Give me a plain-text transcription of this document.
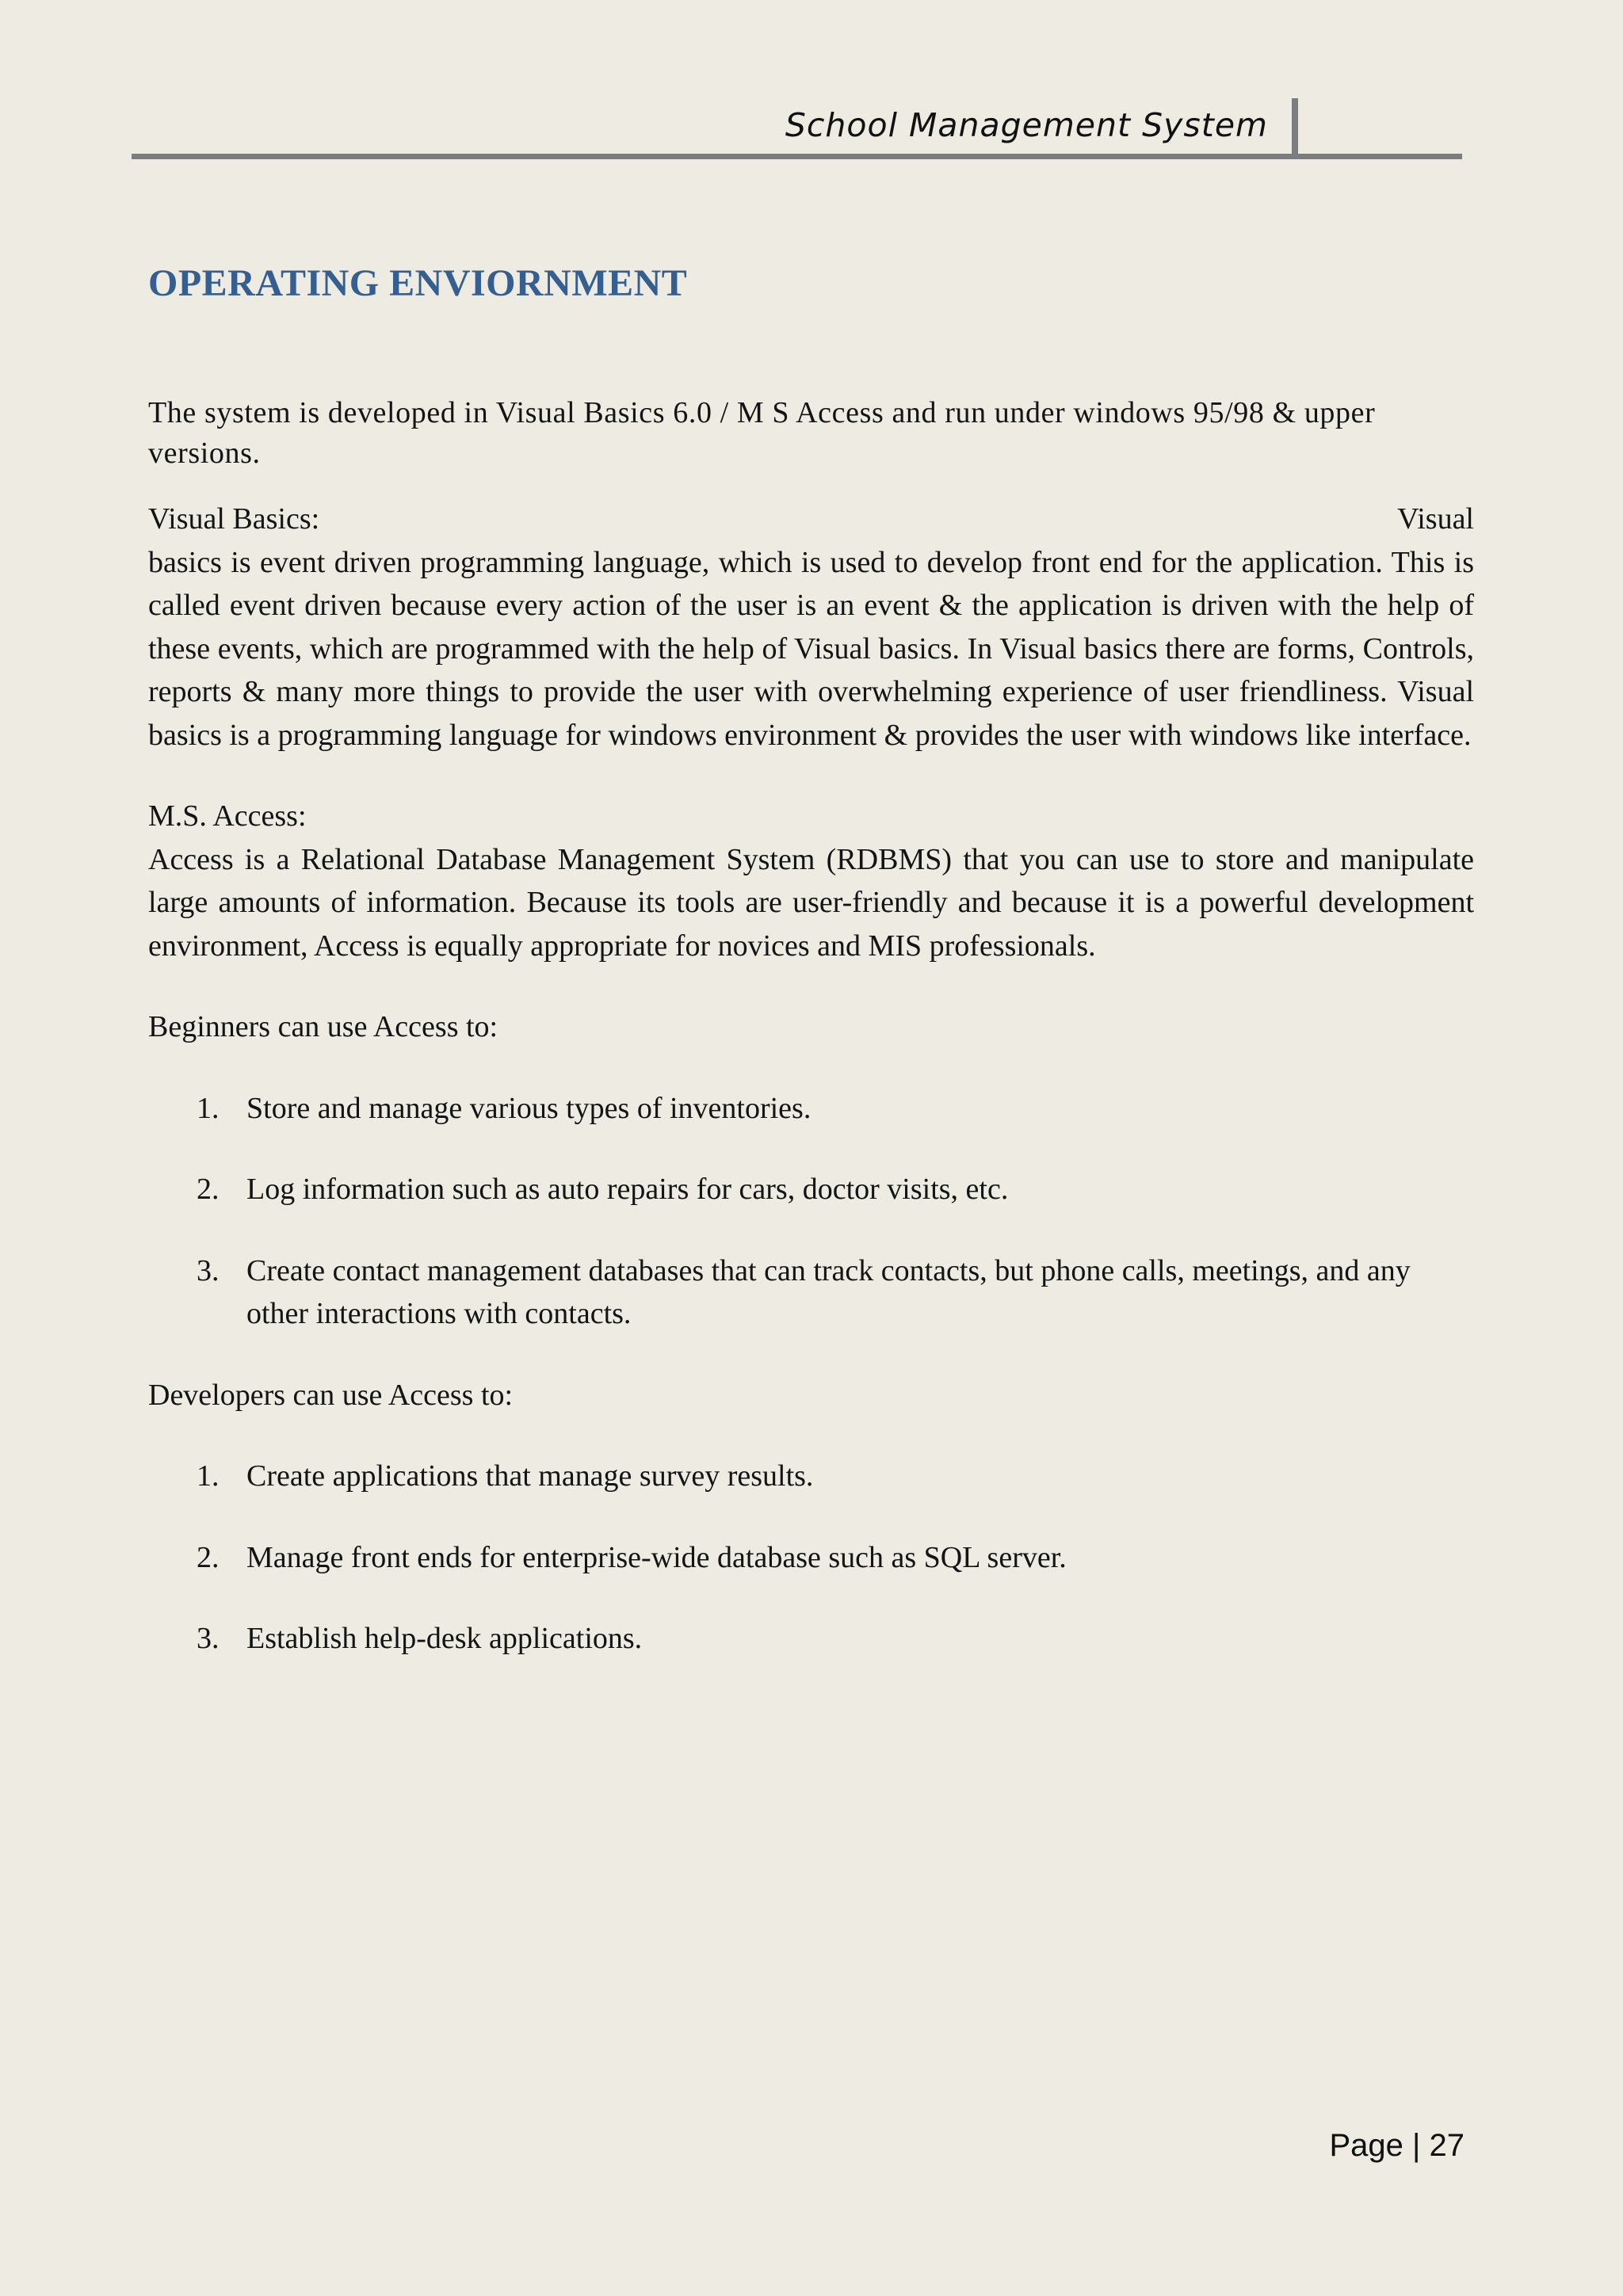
School Management System
OPERATING ENVIORNMENT

The system is developed in Visual Basics 6.0 / M S Access and run under windows 95/98 & upper versions.

Visual Basics:	Visual

basics is event driven programming language, which is used to develop front end for the application. This is called event driven because every action of the user is an event & the application is driven with the help of these events, which are programmed with the help of Visual basics. In Visual basics there are forms, Controls, reports & many more things to provide the user with overwhelming experience of user friendliness. Visual basics is a programming language for windows environment & provides the user with windows like interface.

M.S. Access:

Access is a Relational Database Management System (RDBMS) that you can use to store and manipulate large amounts of information. Because its tools are user-friendly and because it is a powerful development environment, Access is equally appropriate for novices and MIS professionals.

Beginners can use Access to:

1. Store and manage various types of inventories.
2. Log information such as auto repairs for cars, doctor visits, etc.
3. Create contact management databases that can track contacts, but phone calls, meetings, and any other interactions with contacts.

Developers can use Access to:

1. Create applications that manage survey results.
2. Manage front ends for enterprise-wide database such as SQL server.
3. Establish help-desk applications.
Page | 27
